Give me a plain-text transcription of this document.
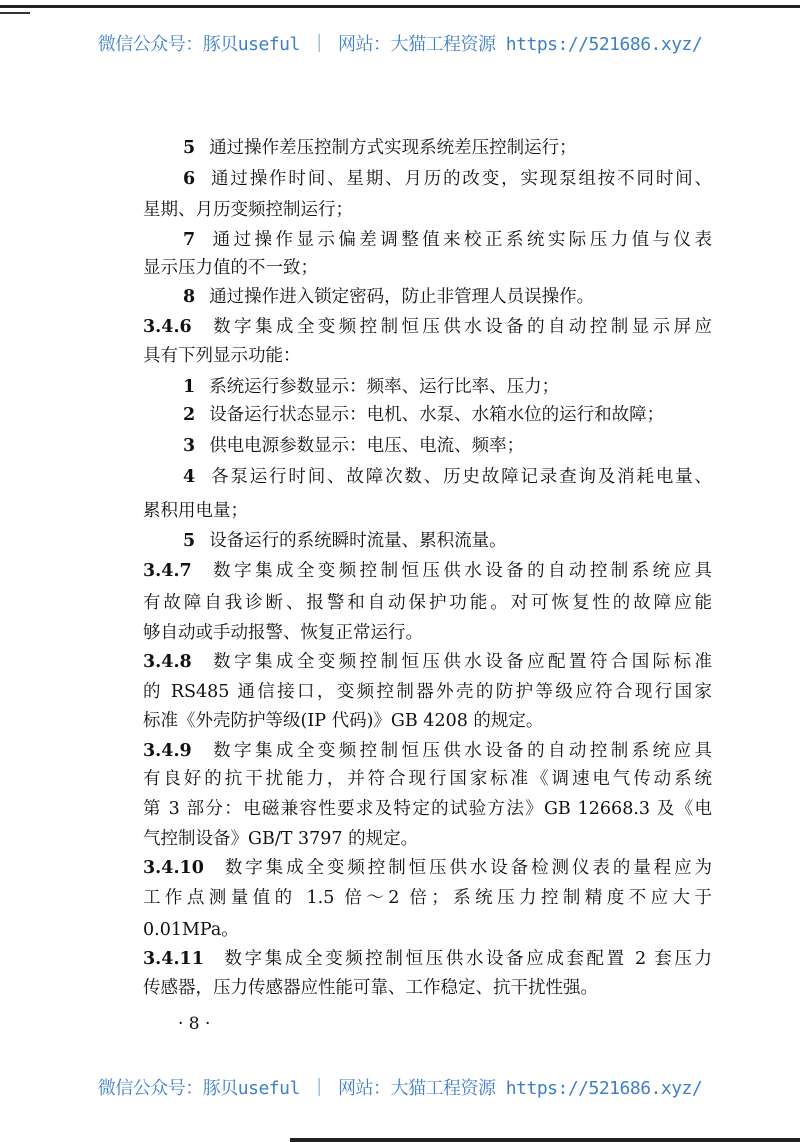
微信公众号：豚贝useful ｜ 网站：大猫工程资源 https://521686.xyz/
5 通过操作差压控制方式实现系统差压控制运行；
6 通过操作时间、星期、月历的改变，实现泵组按不同时间、
星期、月历变频控制运行；
7 通过操作显示偏差调整值来校正系统实际压力值与仪表
显示压力值的不一致；
8 通过操作进入锁定密码，防止非管理人员误操作。
3.4.6 数字集成全变频控制恒压供水设备的自动控制显示屏应
具有下列显示功能：
1 系统运行参数显示：频率、运行比率、压力；
2 设备运行状态显示：电机、水泵、水箱水位的运行和故障；
3 供电电源参数显示：电压、电流、频率；
4 各泵运行时间、故障次数、历史故障记录查询及消耗电量、
累积用电量；
5 设备运行的系统瞬时流量、累积流量。
3.4.7 数字集成全变频控制恒压供水设备的自动控制系统应具
有故障自我诊断、报警和自动保护功能。对可恢复性的故障应能
够自动或手动报警、恢复正常运行。
3.4.8 数字集成全变频控制恒压供水设备应配置符合国际标准
的 RS485 通信接口，变频控制器外壳的防护等级应符合现行国家
标准《外壳防护等级(IP 代码)》GB 4208 的规定。
3.4.9 数字集成全变频控制恒压供水设备的自动控制系统应具
有良好的抗干扰能力，并符合现行国家标准《调速电气传动系统
第 3 部分：电磁兼容性要求及特定的试验方法》GB 12668.3 及《电
气控制设备》GB/T 3797 的规定。
3.4.10 数字集成全变频控制恒压供水设备检测仪表的量程应为
工作点测量值的 1.5 倍～2 倍；系统压力控制精度不应大于
0.01MPa。
3.4.11 数字集成全变频控制恒压供水设备应成套配置 2 套压力
传感器，压力传感器应性能可靠、工作稳定、抗干扰性强。
· 8 ·
微信公众号：豚贝useful ｜ 网站：大猫工程资源 https://521686.xyz/
